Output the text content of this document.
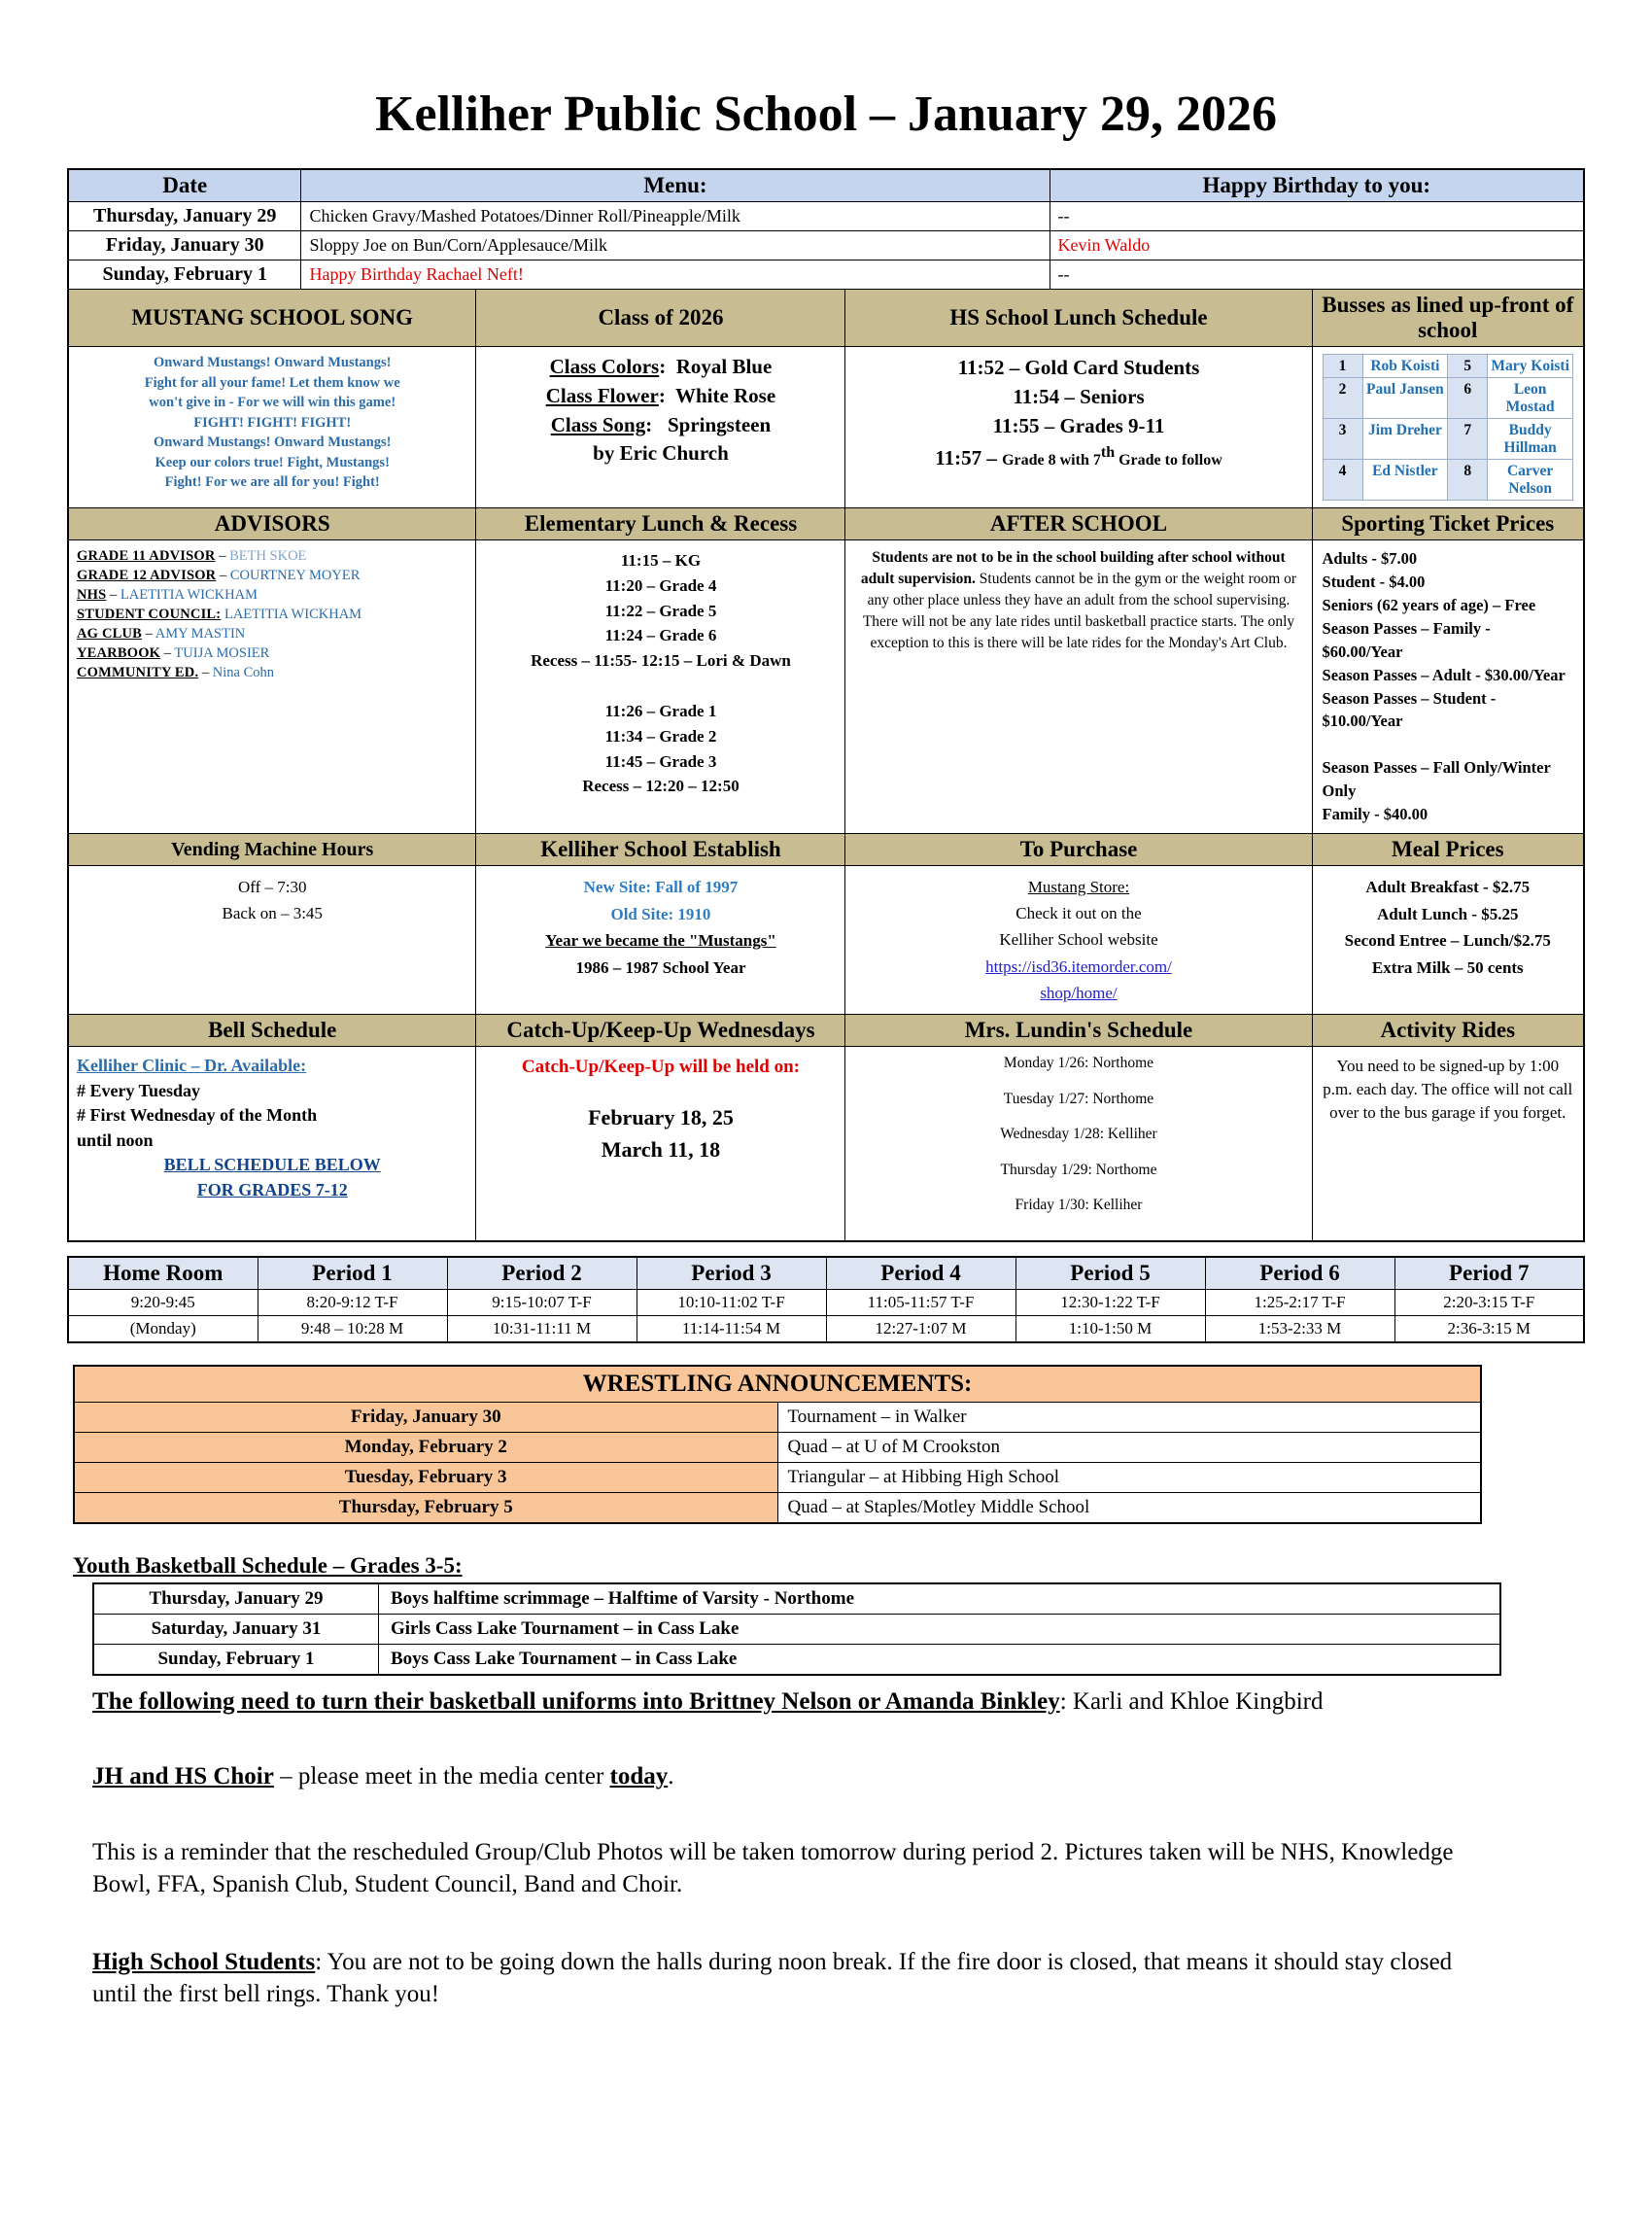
Kelliher Public School – January 29, 2026
Date	Menu:	Happy Birthday to you:
Thursday, January 29	Chicken Gravy/Mashed Potatoes/Dinner Roll/Pineapple/Milk	--
Friday, January 30	Sloppy Joe on Bun/Corn/Applesauce/Milk	Kevin Waldo
Sunday, February 1	Happy Birthday Rachael Neft!	--
MUSTANG SCHOOL SONG	Class of 2026	HS School Lunch Schedule	Busses as lined up-front of school

Onward Mustangs! Onward Mustangs!
Fight for all your fame! Let them know we
won't give in - For we will win this game!
FIGHT! FIGHT! FIGHT!
Onward Mustangs! Onward Mustangs!
Keep our colors true! Fight, Mustangs!
Fight! For we are all for you! Fight!

Class Colors:  Royal Blue
Class Flower:  White Rose
Class Song:   Springsteen
by Eric Church

11:52 – Gold Card Students
11:54 – Seniors
11:55 – Grades 9-11
11:57 – Grade 8 with 7th Grade to follow

1	Rob Koisti	5	Mary Koisti
2	Paul Jansen	6	Leon Mostad
3	Jim Dreher	7	Buddy Hillman
4	Ed Nistler	8	Carver Nelson

ADVISORS	Elementary Lunch & Recess	AFTER SCHOOL	Sporting Ticket Prices

GRADE 11 ADVISOR – BETH SKOE
GRADE 12 ADVISOR – COURTNEY MOYER
NHS – LAETITIA WICKHAM
STUDENT COUNCIL: LAETITIA WICKHAM
AG CLUB – AMY MASTIN
YEARBOOK – TUIJA MOSIER
COMMUNITY ED. – Nina Cohn

11:15 – KG
11:20 – Grade 4
11:22 – Grade 5
11:24 – Grade 6
Recess – 11:55- 12:15 – Lori & Dawn

11:26 – Grade 1
11:34 – Grade 2
11:45 – Grade 3
Recess – 12:20 – 12:50
	Students are not to be in the school building after school without adult supervision. Students cannot be in the gym or the weight room or any other place unless they have an adult from the school supervising. There will not be any late rides until basketball practice starts. The only exception to this is there will be late rides for the Monday's Art Club.	
Adults - $7.00
Student - $4.00
Seniors (62 years of age) – Free
Season Passes – Family - $60.00/Year
Season Passes – Adult - $30.00/Year
Season Passes – Student - $10.00/Year

Season Passes – Fall Only/Winter Only
Family - $40.00

Vending Machine Hours	Kelliher School Establish	To Purchase	Meal Prices

Off – 7:30
Back on – 3:45

New Site: Fall of 1997
Old Site: 1910
Year we became the "Mustangs"
1986 – 1987 School Year

Mustang Store:
Check it out on the
Kelliher School website
https://isd36.itemorder.com/
shop/home/

Adult Breakfast - $2.75
Adult Lunch - $5.25
Second Entree – Lunch/$2.75
Extra Milk – 50 cents

Bell Schedule	Catch-Up/Keep-Up Wednesdays	Mrs. Lundin's Schedule	Activity Rides

Kelliher Clinic – Dr. Available:
# Every Tuesday
# First Wednesday of the Month
until noon
BELL SCHEDULE BELOW
FOR GRADES 7-12

Catch-Up/Keep-Up will be held on:
February 18, 25
March 11, 18

Monday 1/26: Northome
Tuesday 1/27: Northome
Wednesday 1/28: Kelliher
Thursday 1/29: Northome
Friday 1/30: Kelliher
	You need to be signed-up by 1:00 p.m. each day. The office will not call over to the bus garage if you forget.
Home Room	Period 1	Period 2	Period 3	Period 4	Period 5	Period 6	Period 7
9:20-9:45	8:20-9:12 T-F	9:15-10:07 T-F	10:10-11:02 T-F	11:05-11:57 T-F	12:30-1:22 T-F	1:25-2:17 T-F	2:20-3:15 T-F
(Monday)	9:48 – 10:28 M	10:31-11:11 M	11:14-11:54 M	12:27-1:07 M	1:10-1:50 M	1:53-2:33 M	2:36-3:15 M
WRESTLING ANNOUNCEMENTS:	
Friday, January 30	Tournament – in Walker
Monday, February 2	Quad – at U of M Crookston
Tuesday, February 3	Triangular – at Hibbing High School
Thursday, February 5	Quad – at Staples/Motley Middle School
Youth Basketball Schedule – Grades 3-5:
Thursday, January 29	Boys halftime scrimmage – Halftime of Varsity - Northome
Saturday, January 31	Girls Cass Lake Tournament – in Cass Lake
Sunday, February 1	Boys Cass Lake Tournament – in Cass Lake
The following need to turn their basketball uniforms into Brittney Nelson or Amanda Binkley: Karli and Khloe Kingbird
JH and HS Choir – please meet in the media center today.
This is a reminder that the rescheduled Group/Club Photos will be taken tomorrow during period 2. Pictures taken will be NHS, Knowledge Bowl, FFA, Spanish Club, Student Council, Band and Choir.
High School Students: You are not to be going down the halls during noon break. If the fire door is closed, that means it should stay closed until the first bell rings. Thank you!
